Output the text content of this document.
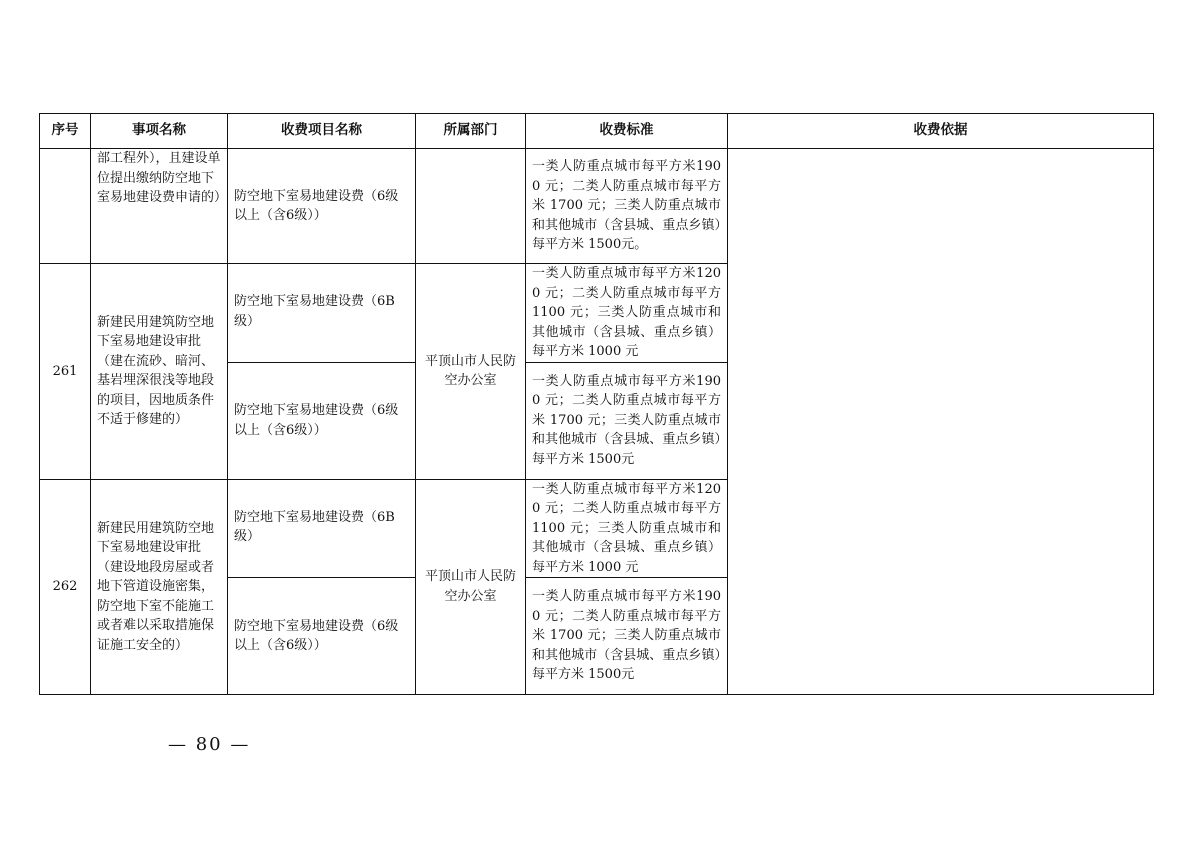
序号	事项名称	收费项目名称	所属部门	收费标准	收费依据
	部工程外），且建设单位提出缴纳防空地下室易地建设费申请的）	防空地下室易地建设费（6级以上（含6级））		一类人防重点城市每平方米1900 元；二类人防重点城市每平方米 1700 元；三类人防重点城市和其他城市（含县城、重点乡镇）每平方米 1500元。	
261	新建民用建筑防空地下室易地建设审批（建在流砂、暗河、基岩埋深很浅等地段的项目，因地质条件不适于修建的）	防空地下室易地建设费（6B级）	平顶山市人民防空办公室	一类人防重点城市每平方米1200 元；二类人防重点城市每平方 1100 元；三类人防重点城市和其他城市（含县城、重点乡镇）每平方米 1000 元	
		防空地下室易地建设费（6级以上（含6级））		一类人防重点城市每平方米1900 元；二类人防重点城市每平方米 1700 元；三类人防重点城市和其他城市（含县城、重点乡镇）每平方米 1500元	
262	新建民用建筑防空地下室易地建设审批（建设地段房屋或者地下管道设施密集，防空地下室不能施工或者难以采取措施保证施工安全的）	防空地下室易地建设费（6B级）	平顶山市人民防空办公室	一类人防重点城市每平方米1200 元；二类人防重点城市每平方 1100 元；三类人防重点城市和其他城市（含县城、重点乡镇）每平方米 1000 元	
		防空地下室易地建设费（6级以上（含6级））		一类人防重点城市每平方米1900 元；二类人防重点城市每平方米 1700 元；三类人防重点城市和其他城市（含县城、重点乡镇）每平方米 1500元	
— 80 —
